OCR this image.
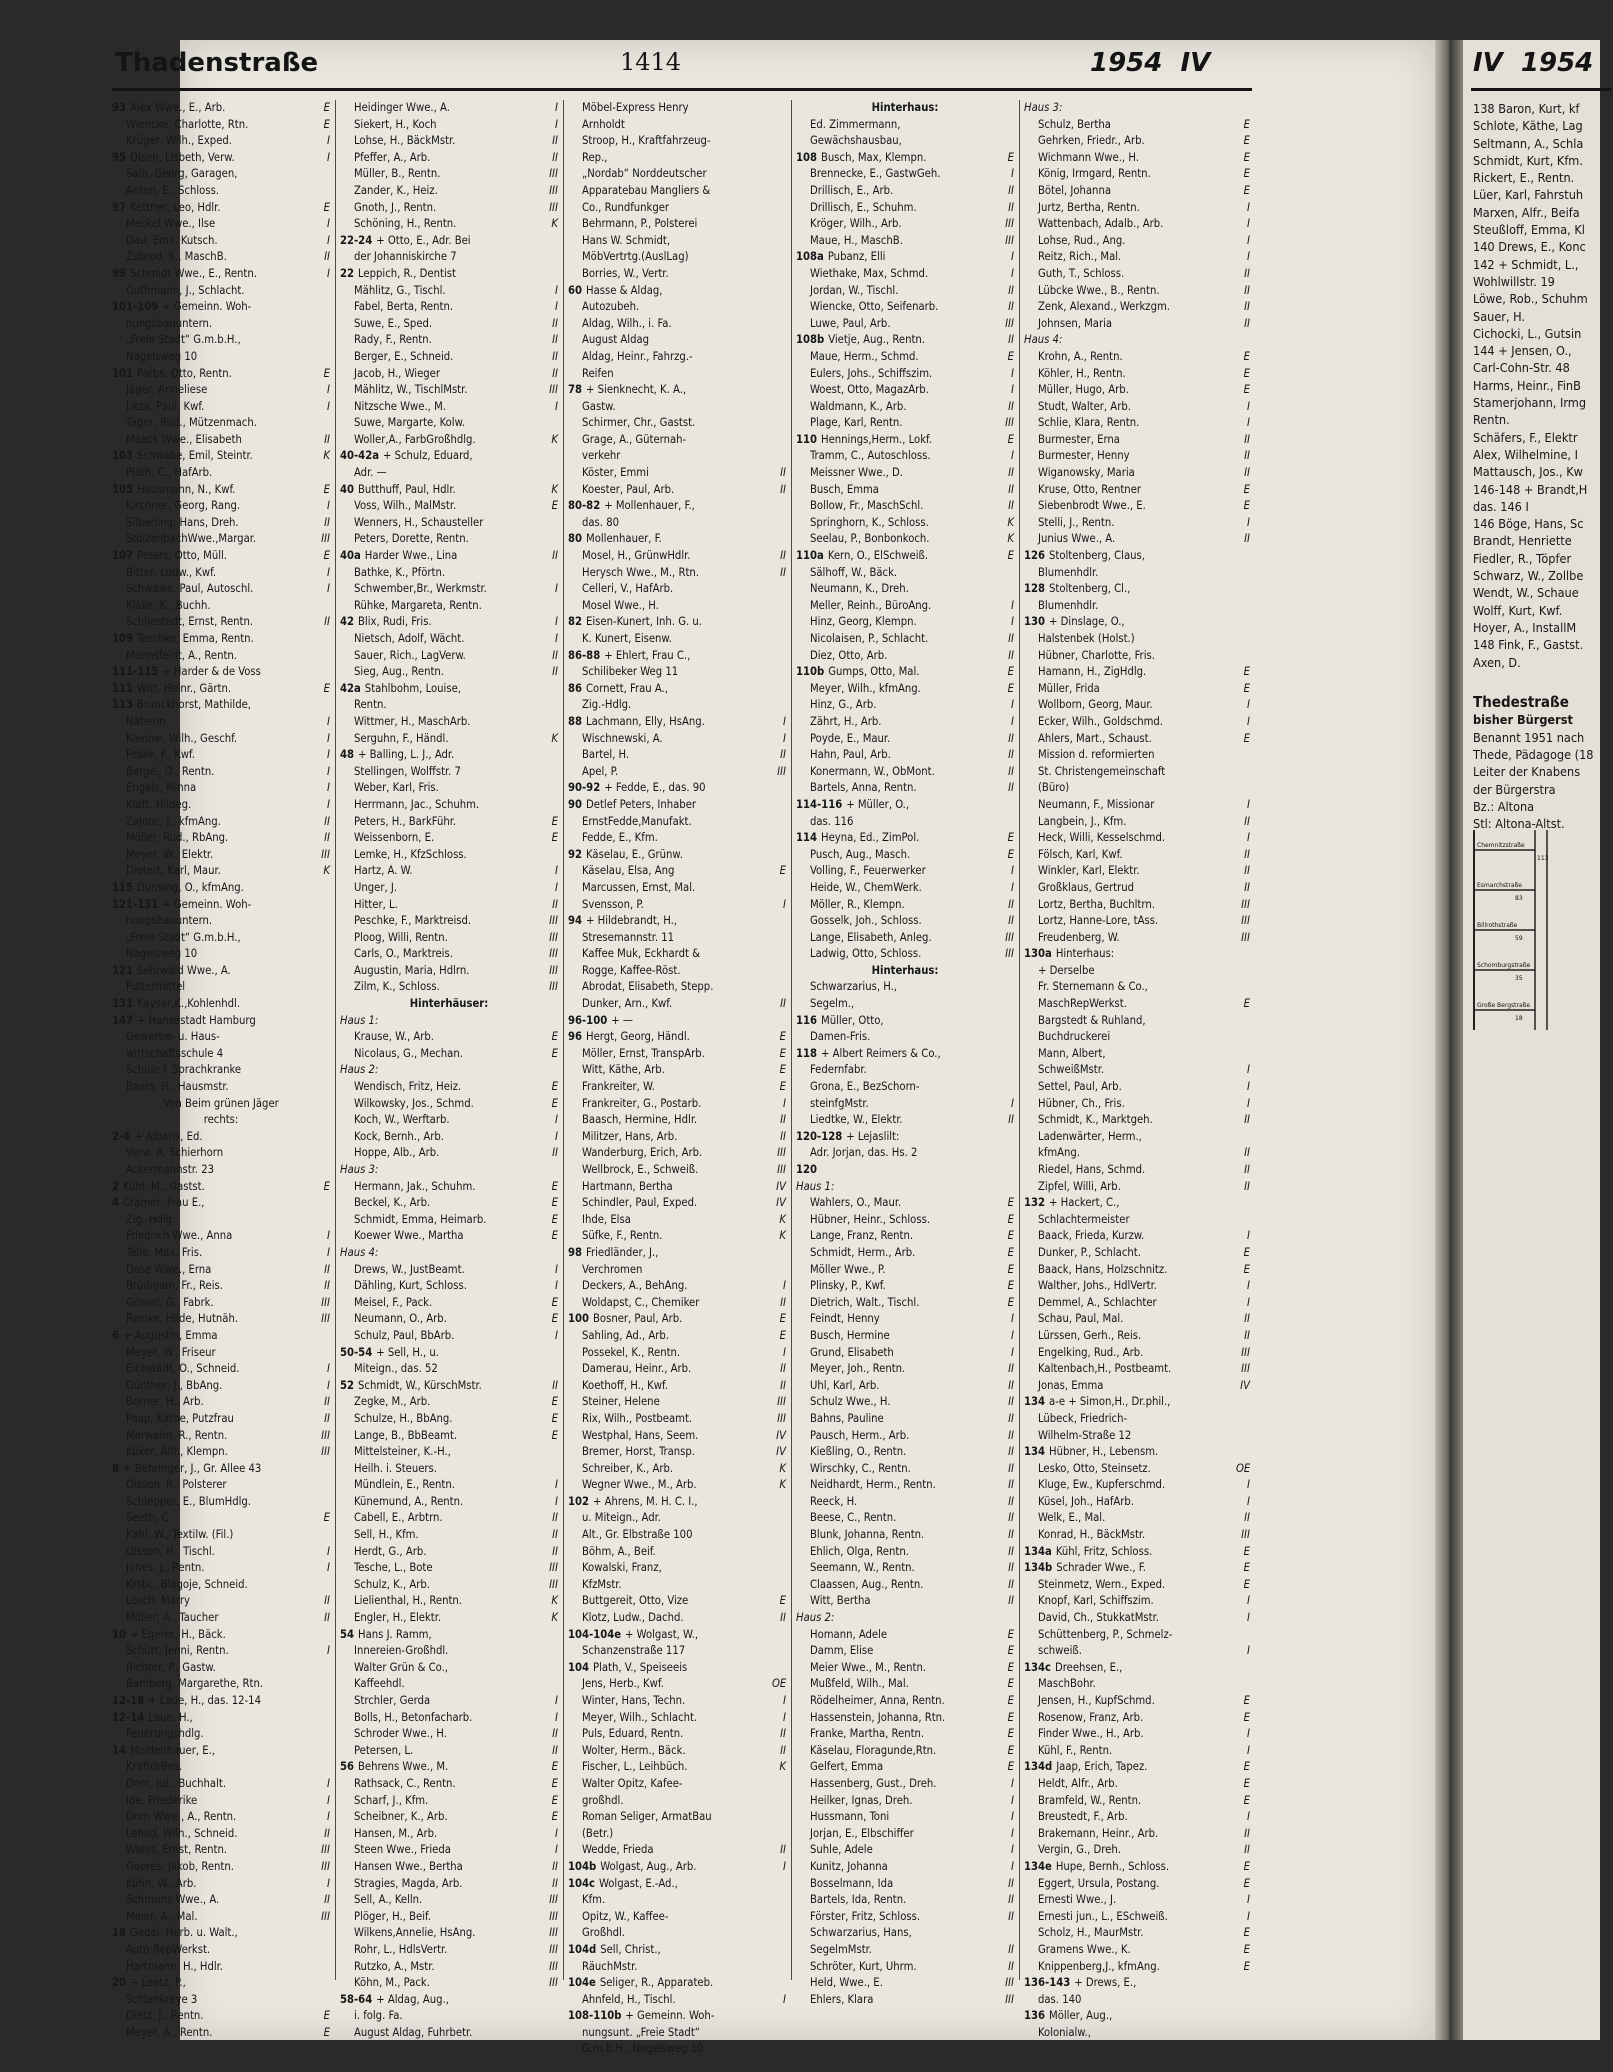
Thadenstraße	1414	1954 IV
93 Alex Wwe., E., Arb.	E
Wiencke, Charlotte, Rtn.	E
Krüger, Wilh., Exped.	I
95 Olsen, Lisbeth, Verw.	I
Salb, Georg, Garagen,
Anton, E., Schloss.
97 Kettner, Leo, Hdlr.	E
Meckel Wwe., Ilse	I
Dau, Emil, Kutsch.	I
Zubrod, K., MaschB.	II
99 Schmidt Wwe., E., Rentn.	I
Guthmann, J., Schlacht.
101-109 + Gemeinn. Woh-
nungsbauuntern.
„Freie Stadt“ G.m.b.H.,
Nagelsweg 10
101 Parbs, Otto, Rentn.	E
Jäger, Anneliese	I
Litza, Paul, Kwf.	I
Täger, Rud., Mützenmach.
Maack Wwe., Elisabeth	II
103 Schwabe, Emil, Steintr.	K
Plath, C., HafArb.
105 Hausmann, N., Kwf.	E
Kirchner, Georg, Rang.	I
Silberling, Hans, Dreh.	II
StolzenbachWwe.,Margar.	III
107 Peters, Otto, Müll.	E
Bitter, Ludw., Kwf.	I
Schwalke, Paul, Autoschl.	I
Kläke, K., Buchh.
Schliestedt, Ernst, Rentn.	II
109 Teschke, Emma, Rentn.
Mannsfeldt, A., Rentn.
111-115 + Harder & de Voss
111 Witt, Heinr., Gärtn.	E
113 Brunckhorst, Mathilde,
Näherin	I
Klenow, Wilh., Geschf.	I
Feske, F., Kwf.	I
Bergel, O., Rentn.	I
Engels, Minna	I
Klatt, Hildeg.	I
Zajonc, J., kfmAng.	II
Möller, Rud., RbAng.	II
Meyer, W., Elektr.	III
Dietert, Karl, Maur.	K
115 Dunsing, O., kfmAng.
121-131 + Gemeinn. Woh-
nungsbauuntern.
„Freie Stadt“ G.m.b.H.,
Nagelsweg 10
121 Sehrwald Wwe., A.
Futtermittel
131 Kayser,K.,Kohlenhdl.
147 + Hansestadt Hamburg
Gewerbe- u. Haus-
wirtschaftsschule 4
Schule f. Sprachkranke
Baars, H., Hausmstr.
Von Beim grünen Jäger
rechts:
2-4 + Albaris, Ed.
Verw. A. Schierhorn
Ackermannstr. 23
2 Kühl, M., Gastst.	E
4 Cramer, Frau E.,
Zig.-Hdlg.
Friedrich Wwe., Anna	I
Telle, Max, Fris.	I
Dose Wwe., Erna	II
Brüdigam, Fr., Reis.	II
Gössel, G., Fabrk.	III
Reinke, Hilde, Hutnäh.	III
6 + Augustin, Emma
Meyer, W., Friseur
Eichstädt, O., Schneid.	I
Günther, J., BbAng.	I
Börner, H., Arb.	II
Paap, Käthe, Putzfrau	II
Marwahn, R., Rentn.	III
Küker, Alfr., Klempn.	III
8 + Behringer, J., Gr. Allee 43
Olsson, R., Polsterer
Schlepper, E., BlumHdlg.
Seeth, C.	E
Kahl, W., Textilw. (Fil.)
Olsson, H., Tischl.	I
Jones, J., Rentn.	I
Krstic, Blagoje, Schneid.
Lösch, Marry	II
Möller, A., Taucher	II
10 + Egerer, H., Bäck.
Schütt, Jenni, Rentn.	I
Richter, P., Gastw.
Bamberg, Margarethe, Rtn.
12-18 + Laue, H., das. 12-14
12-14 Laue, H.,
Feuerungshdlg.
14 Moldenhauer, E.,
KraftdrBes.
Dorn, Jul., Buchhalt.	I
Ide, Friederike	I
Dorn Wwe., A., Rentn.	I
Lefold, Wilh., Schneid.	II
Wahls, Ernst, Rentn.	III
Goeres, Jakob, Rentn.	III
Kühn, W., Arb.	I
Schmunz Wwe., A.	II
Meier, A., Mal.	III
18 Gedai, Herb. u. Walt.,
Auto-RepWerkst.
Hartmann, H., Hdlr.
20 + Leetz, P.,
Schlankreye 3
Dietz, J., Rentn.	E
Meyer, A., Rentn.	E
Heidinger Wwe., A.	I
Siekert, H., Koch	I
Lohse, H., BäckMstr.	II
Pfeffer, A., Arb.	II
Müller, B., Rentn.	III
Zander, K., Heiz.	III
Gnoth, J., Rentn.	III
Schöning, H., Rentn.	K
22-24 + Otto, E., Adr. Bei
der Johanniskirche 7
22 Leppich, R., Dentist
Mählitz, G., Tischl.	I
Fabel, Berta, Rentn.	I
Suwe, E., Sped.	II
Rady, F., Rentn.	II
Berger, E., Schneid.	II
Jacob, H., Wieger	II
Mählitz, W., TischlMstr.	III
Nitzsche Wwe., M.	I
Suwe, Margarte, Kolw.
Woller,A., FarbGroßhdlg.	K
40-42a + Schulz, Eduard,
Adr. —
40 Butthuff, Paul, Hdlr.	K
Voss, Wilh., MalMstr.	E
Wenners, H., Schausteller
Peters, Dorette, Rentn.
40a Harder Wwe., Lina	II
Bathke, K., Pförtn.
Schwember,Br., Werkmstr.	I
Rühke, Margareta, Rentn.
42 Blix, Rudi, Fris.	I
Nietsch, Adolf, Wächt.	I
Sauer, Rich., LagVerw.	II
Sieg, Aug., Rentn.	II
42a Stahlbohm, Louise,
Rentn.
Wittmer, H., MaschArb.
Serguhn, F., Händl.	K
48 + Balling, L. J., Adr.
Stellingen, Wolffstr. 7
Weber, Karl, Fris.
Herrmann, Jac., Schuhm.
Peters, H., BarkFühr.	E
Weissenborn, E.	E
Lemke, H., KfzSchloss.
Hartz, A. W.	I
Unger, J.	I
Hitter, L.	II
Peschke, F., Marktreisd.	III
Ploog, Willi, Rentn.	III
Carls, O., Marktreis.	III
Augustin, Maria, Hdlrn.	III
Zilm, K., Schloss.	III
Hinterhäuser:
Haus 1:
Krause, W., Arb.	E
Nicolaus, G., Mechan.	E
Haus 2:
Wendisch, Fritz, Heiz.	E
Wilkowsky, Jos., Schmd.	E
Koch, W., Werftarb.	I
Kock, Bernh., Arb.	I
Hoppe, Alb., Arb.	II
Haus 3:
Hermann, Jak., Schuhm.	E
Beckel, K., Arb.	E
Schmidt, Emma, Heimarb.	E
Koewer Wwe., Martha	E
Haus 4:
Drews, W., JustBeamt.	I
Dähling, Kurt, Schloss.	I
Meisel, F., Pack.	E
Neumann, O., Arb.	E
Schulz, Paul, BbArb.	I
50-54 + Sell, H., u.
Miteign., das. 52
52 Schmidt, W., KürschMstr.	II
Zegke, M., Arb.	E
Schulze, H., BbAng.	E
Lange, B., BbBeamt.	E
Mittelsteiner, K.-H.,
Heilh. i. Steuers.
Mündlein, E., Rentn.	I
Künemund, A., Rentn.	I
Cabell, E., Arbtrn.	II
Sell, H., Kfm.	II
Herdt, G., Arb.	II
Tesche, L., Bote	III
Schulz, K., Arb.	III
Lielienthal, H., Rentn.	K
Engler, H., Elektr.	K
54 Hans J. Ramm,
Innereien-Großhdl.
Walter Grün & Co.,
Kaffeehdl.
Strchler, Gerda	I
Bolls, H., Betonfacharb.	I
Schroder Wwe., H.	II
Petersen, L.	II
56 Behrens Wwe., M.	E
Rathsack, C., Rentn.	E
Scharf, J., Kfm.	E
Scheibner, K., Arb.	E
Hansen, M., Arb.	I
Steen Wwe., Frieda	I
Hansen Wwe., Bertha	II
Stragies, Magda, Arb.	II
Sell, A., Kelln.	III
Plöger, H., Beif.	III
Wilkens,Annelie, HsAng.	III
Rohr, L., HdlsVertr.	III
Rutzko, A., Mstr.	III
Köhn, M., Pack.	III
58-64 + Aldag, Aug.,
i. folg. Fa.
August Aldag, Fuhrbetr.
Möbel-Express Henry
Arnholdt
Stroop, H., Kraftfahrzeug-
Rep.,
„Nordab“ Norddeutscher
Apparatebau Mangliers &
Co., Rundfunkger
Behrmann, P., Polsterei
Hans W. Schmidt,
MöbVertrtg.(AuslLag)
Borries, W., Vertr.
60 Hasse & Aldag,
Autozubeh.
Aldag, Wilh., i. Fa.
August Aldag
Aldag, Heinr., Fahrzg.-
Reifen
78 + Sienknecht, K. A.,
Gastw.
Schirmer, Chr., Gastst.
Grage, A., Güternah-
verkehr
Köster, Emmi	II
Koester, Paul, Arb.	II
80-82 + Mollenhauer, F.,
das. 80
80 Mollenhauer, F.
Mosel, H., GrünwHdlr.	II
Herysch Wwe., M., Rtn.	II
Celleri, V., HafArb.
Mosel Wwe., H.
82 Eisen-Kunert, Inh. G. u.
K. Kunert, Eisenw.
86-88 + Ehlert, Frau C.,
Schilibeker Weg 11
86 Cornett, Frau A.,
Zig.-Hdlg.
88 Lachmann, Elly, HsAng.	I
Wischnewski, A.	I
Bartel, H.	II
Apel, P.	III
90-92 + Fedde, E., das. 90
90 Detlef Peters, Inhaber
ErnstFedde,Manufakt.
Fedde, E., Kfm.
92 Käselau, E., Grünw.
Käselau, Elsa, Ang	E
Marcussen, Ernst, Mal.
Svensson, P.	I
94 + Hildebrandt, H.,
Stresemannstr. 11
Kaffee Muk, Eckhardt &
Rogge, Kaffee-Röst.
Abrodat, Elisabeth, Stepp.
Dunker, Arn., Kwf.	II
96-100 + —
96 Hergt, Georg, Händl.	E
Möller, Ernst, TranspArb.	E
Witt, Käthe, Arb.	E
Frankreiter, W.	E
Frankreiter, G., Postarb.	I
Baasch, Hermine, Hdlr.	II
Militzer, Hans, Arb.	II
Wanderburg, Erich, Arb.	III
Wellbrock, E., Schweiß.	III
Hartmann, Bertha	IV
Schindler, Paul, Exped.	IV
Ihde, Elsa	K
Süfke, F., Rentn.	K
98 Friedländer, J.,
Verchromen
Deckers, A., BehAng.	I
Woldapst, C., Chemiker	II
100 Bosner, Paul, Arb.	E
Sahling, Ad., Arb.	E
Possekel, K., Rentn.	I
Damerau, Heinr., Arb.	II
Koethoff, H., Kwf.	II
Steiner, Helene	III
Rix, Wilh., Postbeamt.	III
Westphal, Hans, Seem.	IV
Bremer, Horst, Transp.	IV
Schreiber, K., Arb.	K
Wegner Wwe., M., Arb.	K
102 + Ahrens, M. H. C. I.,
u. Miteign., Adr.
Alt., Gr. Elbstraße 100
Böhm, A., Beif.
Kowalski, Franz,
KfzMstr.
Buttgereit, Otto, Vize	E
Klotz, Ludw., Dachd.	II
104-104e + Wolgast, W.,
Schanzenstraße 117
104 Plath, V., Speiseeis
Jens, Herb., Kwf.	OE
Winter, Hans, Techn.	I
Meyer, Wilh., Schlacht.	I
Puls, Eduard, Rentn.	II
Wolter, Herm., Bäck.	II
Fischer, L., Leihbüch.	K
Walter Opitz, Kafee-
großhdl.
Roman Seliger, ArmatBau
(Betr.)
Wedde, Frieda	II
104b Wolgast, Aug., Arb.	I
104c Wolgast, E.-Ad.,
Kfm.
Opitz, W., Kaffee-
Großhdl.
104d Sell, Christ.,
RäuchMstr.
104e Seliger, R., Apparateb.
Ahnfeld, H., Tischl.	I
108-110b + Gemeinn. Woh-
nungsunt. „Freie Stadt“
G.m.b.H., Nagelsweg 10
Hinterhaus:
Ed. Zimmermann,
Gewächshausbau,
108 Busch, Max, Klempn.	E
Brennecke, E., GastwGeh.	I
Drillisch, E., Arb.	II
Drillisch, E., Schuhm.	II
Kröger, Wilh., Arb.	III
Maue, H., MaschB.	III
108a Pubanz, Elli	I
Wiethake, Max, Schmd.	I
Jordan, W., Tischl.	II
Wiencke, Otto, Seifenarb.	II
Luwe, Paul, Arb.	III
108b Vietje, Aug., Rentn.	II
Maue, Herm., Schmd.	E
Eulers, Johs., Schiffszim.	I
Woest, Otto, MagazArb.	I
Waldmann, K., Arb.	II
Plage, Karl, Rentn.	III
110 Hennings,Herm., Lokf.	E
Tramm, C., Autoschloss.	I
Meissner Wwe., D.	II
Busch, Emma	II
Bollow, Fr., MaschSchl.	II
Springhorn, K., Schloss.	K
Seelau, P., Bonbonkoch.	K
110a Kern, O., ElSchweiß.	E
Sälhoff, W., Bäck.
Neumann, K., Dreh.
Meller, Reinh., BüroAng.	I
Hinz, Georg, Klempn.	I
Nicolaisen, P., Schlacht.	II
Diez, Otto, Arb.	II
110b Gumps, Otto, Mal.	E
Meyer, Wilh., kfmAng.	E
Hinz, G., Arb.	I
Zährt, H., Arb.	I
Poyde, E., Maur.	II
Hahn, Paul, Arb.	II
Konermann, W., ObMont.	II
Bartels, Anna, Rentn.	II
114-116 + Müller, O.,
das. 116
114 Heyna, Ed., ZimPol.	E
Pusch, Aug., Masch.	E
Volling, F., Feuerwerker	I
Heide, W., ChemWerk.	I
Möller, R., Klempn.	II
Gosselk, Joh., Schloss.	II
Lange, Elisabeth, Anleg.	III
Ladwig, Otto, Schloss.	III
Hinterhaus:
Schwarzarius, H.,
Segelm.,
116 Müller, Otto,
Damen-Fris.
118 + Albert Reimers & Co.,
Federnfabr.
Grona, E., BezSchorn-
steinfgMstr.	I
Liedtke, W., Elektr.	II
120-128 + Lejaslilt:
Adr. Jorjan, das. Hs. 2
120
Haus 1:
Wahlers, O., Maur.	E
Hübner, Heinr., Schloss.	E
Lange, Franz, Rentn.	E
Schmidt, Herm., Arb.	E
Möller Wwe., P.	E
Plinsky, P., Kwf.	E
Dietrich, Walt., Tischl.	E
Feindt, Henny	I
Busch, Hermine	I
Grund, Elisabeth	I
Meyer, Joh., Rentn.	II
Uhl, Karl, Arb.	II
Schulz Wwe., H.	II
Bahns, Pauline	II
Pausch, Herm., Arb.	II
Kießling, O., Rentn.	II
Wirschky, C., Rentn.	II
Neidhardt, Herm., Rentn.	II
Reeck, H.	II
Beese, C., Rentn.	II
Blunk, Johanna, Rentn.	II
Ehlich, Olga, Rentn.	II
Seemann, W., Rentn.	II
Claassen, Aug., Rentn.	II
Witt, Bertha	II
Haus 2:
Homann, Adele	E
Damm, Elise	E
Meier Wwe., M., Rentn.	E
Mußfeld, Wilh., Mal.	E
Rödelheimer, Anna, Rentn.	E
Hassenstein, Johanna, Rtn.	E
Franke, Martha, Rentn.	E
Käselau, Floragunde,Rtn.	E
Gelfert, Emma	E
Hassenberg, Gust., Dreh.	I
Heilker, Ignas, Dreh.	I
Hussmann, Toni	I
Jorjan, E., Elbschiffer	I
Suhle, Adele	I
Kunitz, Johanna	I
Bosselmann, Ida	II
Bartels, Ida, Rentn.	II
Förster, Fritz, Schloss.	II
Schwarzarius, Hans,
SegelmMstr.	II
Schröter, Kurt, Uhrm.	II
Held, Wwe., E.	III
Ehlers, Klara	III
IV 1954
138 Baron, Kurt, kf
Schlote, Käthe, Lag
Seltmann, A., Schla
Schmidt, Kurt, Kfm.
Rickert, E., Rentn.
Lüer, Karl, Fahrstuh
Marxen, Alfr., Beifa
Steußloff, Emma, Kl
140 Drews, E., Konc
142 + Schmidt, L.,
Wohlwillstr. 19
Löwe, Rob., Schuhm
Sauer, H.
Cichocki, L., Gutsin
144 + Jensen, O.,
Carl-Cohn-Str. 48
Harms, Heinr., FinB
Stamerjohann, Irmg
Rentn.
Schäfers, F., Elektr
Alex, Wilhelmine, I
Mattausch, Jos., Kw
146-148 + Brandt,H
das. 146 I
146 Böge, Hans, Sc
Brandt, Henriette
Fiedler, R., Töpfer
Schwarz, W., Zollbe
Wendt, W., Schaue
Wolff, Kurt, Kwf.
Hoyer, A., InstallM
148 Fink, F., Gastst.
Axen, D.
Thedestraße
bisher Bürgerst
Benannt 1951 nach
Thede, Pädagoge (18
Leiter der Knabens
der Bürgerstra
Bz.: Altona
Stl: Altona-Altst.
Chemnitzstraße
Esmarchstraße
Billrothstraße
Schomburgstraße
Große Bergstraße
113
83
59
35
18
Haus 3:
Schulz, Bertha	E
Gehrken, Friedr., Arb.	E
Wichmann Wwe., H.	E
König, Irmgard, Rentn.	E
Bötel, Johanna	E
Jurtz, Bertha, Rentn.	I
Wattenbach, Adalb., Arb.	I
Lohse, Rud., Ang.	I
Reitz, Rich., Mal.	I
Guth, T., Schloss.	II
Lübcke Wwe., B., Rentn.	II
Zenk, Alexand., Werkzgm.	II
Johnsen, Maria	II
Haus 4:
Krohn, A., Rentn.	E
Köhler, H., Rentn.	E
Müller, Hugo, Arb.	E
Studt, Walter, Arb.	I
Schlie, Klara, Rentn.	I
Burmester, Erna	II
Burmester, Henny	II
Wiganowsky, Maria	II
Kruse, Otto, Rentner	E
Siebenbrodt Wwe., E.	E
Stelli, J., Rentn.	I
Junius Wwe., A.	II
126 Stoltenberg, Claus,
Blumenhdlr.
128 Stoltenberg, Cl.,
Blumenhdlr.
130 + Dinslage, O.,
Halstenbek (Holst.)
Hübner, Charlotte, Fris.
Hamann, H., ZigHdlg.	E
Müller, Frida	E
Wollborn, Georg, Maur.	I
Ecker, Wilh., Goldschmd.	I
Ahlers, Mart., Schaust.	E
Mission d. reformierten
St. Christengemeinschaft
(Büro)
Neumann, F., Missionar	I
Langbein, J., Kfm.	II
Heck, Willi, Kesselschmd.	I
Fölsch, Karl, Kwf.	II
Winkler, Karl, Elektr.	II
Großklaus, Gertrud	II
Lortz, Bertha, Buchltrn.	III
Lortz, Hanne-Lore, tAss.	III
Freudenberg, W.	III
130a Hinterhaus:
+ Derselbe
Fr. Sternemann & Co.,
MaschRepWerkst.	E
Bargstedt & Ruhland,
Buchdruckerei
Mann, Albert,
SchweißMstr.	I
Settel, Paul, Arb.	I
Hübner, Ch., Fris.	I
Schmidt, K., Marktgeh.	II
Ladenwärter, Herm.,
kfmAng.	II
Riedel, Hans, Schmd.	II
Zipfel, Willi, Arb.	II
132 + Hackert, C.,
Schlachtermeister
Baack, Frieda, Kurzw.	I
Dunker, P., Schlacht.	E
Baack, Hans, Holzschnitz.	E
Walther, Johs., HdlVertr.	I
Demmel, A., Schlachter	I
Schau, Paul, Mal.	II
Lürssen, Gerh., Reis.	II
Engelking, Rud., Arb.	III
Kaltenbach,H., Postbeamt.	III
Jonas, Emma	IV
134 a-e + Simon,H., Dr.phil.,
Lübeck, Friedrich-
Wilhelm-Straße 12
134 Hübner, H., Lebensm.
Lesko, Otto, Steinsetz.	OE
Kluge, Ew., Kupferschmd.	I
Küsel, Joh., HafArb.	I
Welk, E., Mal.	II
Konrad, H., BäckMstr.	III
134a Kühl, Fritz, Schloss.	E
134b Schrader Wwe., F.	E
Steinmetz, Wern., Exped.	E
Knopf, Karl, Schiffszim.	I
David, Ch., StukkatMstr.	I
Schüttenberg, P., Schmelz-
schweiß.	I
134c Dreehsen, E.,
MaschBohr.
Jensen, H., KupfSchmd.	E
Rosenow, Franz, Arb.	E
Finder Wwe., H., Arb.	I
Kühl, F., Rentn.	I
134d Jaap, Erich, Tapez.	E
Heldt, Alfr., Arb.	E
Bramfeld, W., Rentn.	E
Breustedt, F., Arb.	I
Brakemann, Heinr., Arb.	II
Vergin, G., Dreh.	II
134e Hupe, Bernh., Schloss.	E
Eggert, Ursula, Postang.	E
Ernesti Wwe., J.	I
Ernesti jun., L., ESchweiß.	I
Scholz, H., MaurMstr.	E
Gramens Wwe., K.	E
Knippenberg,J., kfmAng.	E
136-143 + Drews, E.,
das. 140
136 Möller, Aug.,
Kolonialw.,
